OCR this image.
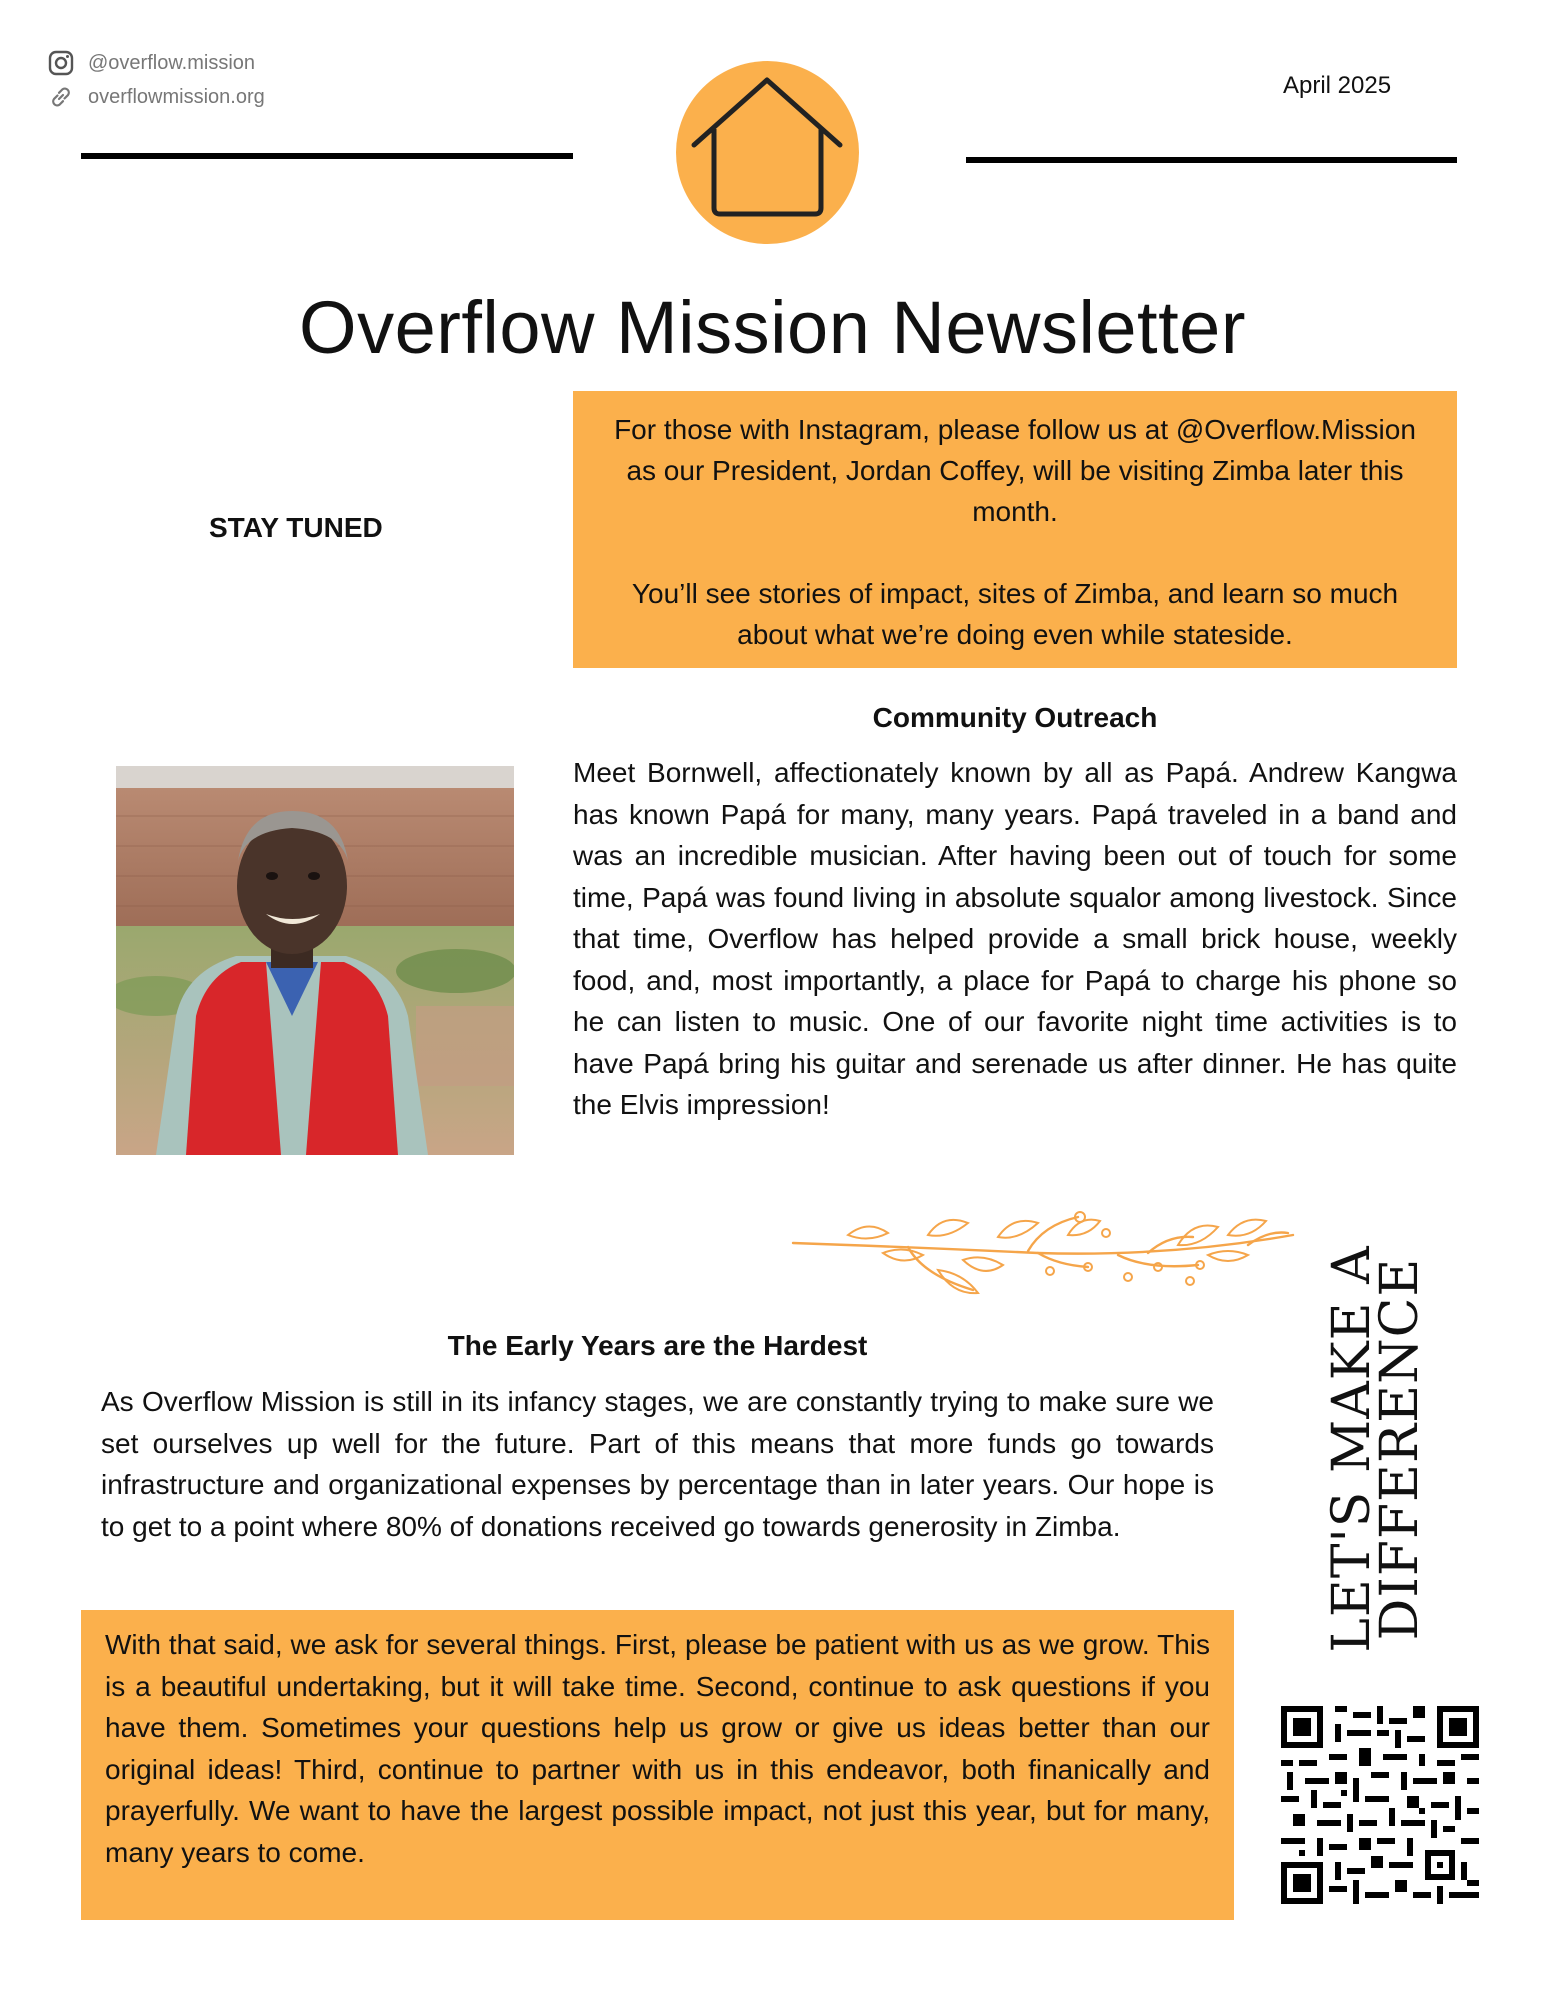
@overflow.mission
overflowmission.org	April 2025
Overflow Mission Newsletter
STAY TUNED

For those with Instagram, please follow us at @Overflow.Mission as our President, Jordan Coffey, will be visiting Zimba later this month.

You’ll see stories of impact, sites of Zimba, and learn so much about what we’re doing even while stateside.

Community Outreach

Meet Bornwell, affectionately known by all as Papá. Andrew Kangwa has known Papá for many, many years. Papá traveled in a band and was an incredible musician. After having been out of touch for some time, Papá was found living in absolute squalor among livestock. Since that time, Overflow has helped provide a small brick house, weekly food, and, most importantly, a place for Papá to charge his phone so he can listen to music. One of our favorite night time activities is to have Papá bring his guitar and serenade us after dinner. He has quite the Elvis impression!

The Early Years are the Hardest

As Overflow Mission is still in its infancy stages, we are constantly trying to make sure we set ourselves up well for the future. Part of this means that more funds go towards infrastructure and organizational expenses by percentage than in later years. Our hope is to get to a point where 80% of donations received go towards generosity in Zimba.

With that said, we ask for several things. First, please be patient with us as we grow. This is a beautiful undertaking, but it will take time. Second, continue to ask questions if you have them. Sometimes your questions help us grow or give us ideas better than our original ideas! Third, continue to partner with us in this endeavor, both finanically and prayerfully. We want to have the largest possible impact, not just this year, but for many, many years to come.

LET'S MAKE A
DIFFERENCE
